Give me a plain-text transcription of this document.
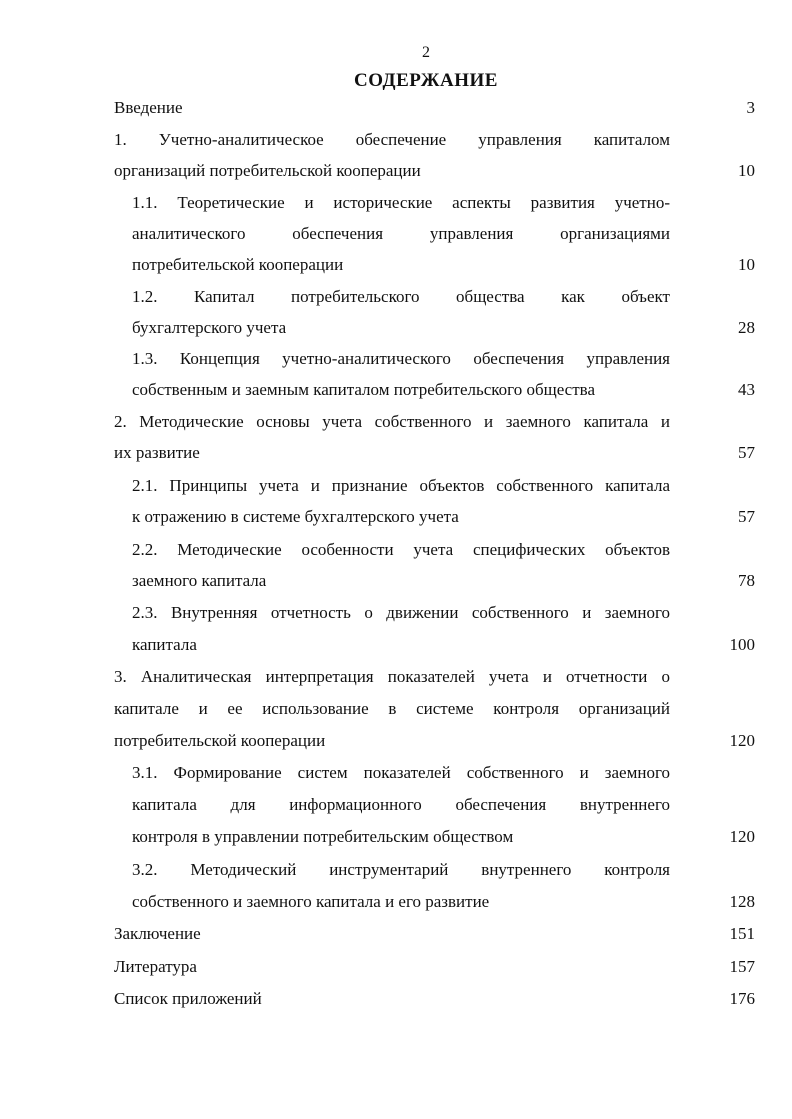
2
СОДЕРЖАНИЕ
Введение	3
1. Учетно-аналитическое обеспечение управления капиталом
организаций потребительской кооперации	10
1.1. Теоретические и исторические аспекты развития учетно-
аналитического обеспечения управления организациями
потребительской кооперации	10
1.2. Капитал потребительского общества как объект
бухгалтерского учета	28
1.3. Концепция учетно-аналитического обеспечения управления
собственным и заемным капиталом потребительского общества	43
2. Методические основы учета собственного и заемного капитала и
их развитие	57
2.1. Принципы учета и признание объектов собственного капитала
к отражению в системе бухгалтерского учета	57
2.2. Методические особенности учета специфических объектов
заемного капитала	78
2.3. Внутренняя отчетность о движении собственного и заемного
капитала	100
3. Аналитическая интерпретация показателей учета и отчетности о
капитале и ее использование в системе контроля организаций
потребительской кооперации	120
3.1. Формирование систем показателей собственного и заемного
капитала для информационного обеспечения внутреннего
контроля в управлении потребительским обществом	120
3.2. Методический инструментарий внутреннего контроля
собственного и заемного капитала и его развитие	128
Заключение	151
Литература	157
Список приложений	176
